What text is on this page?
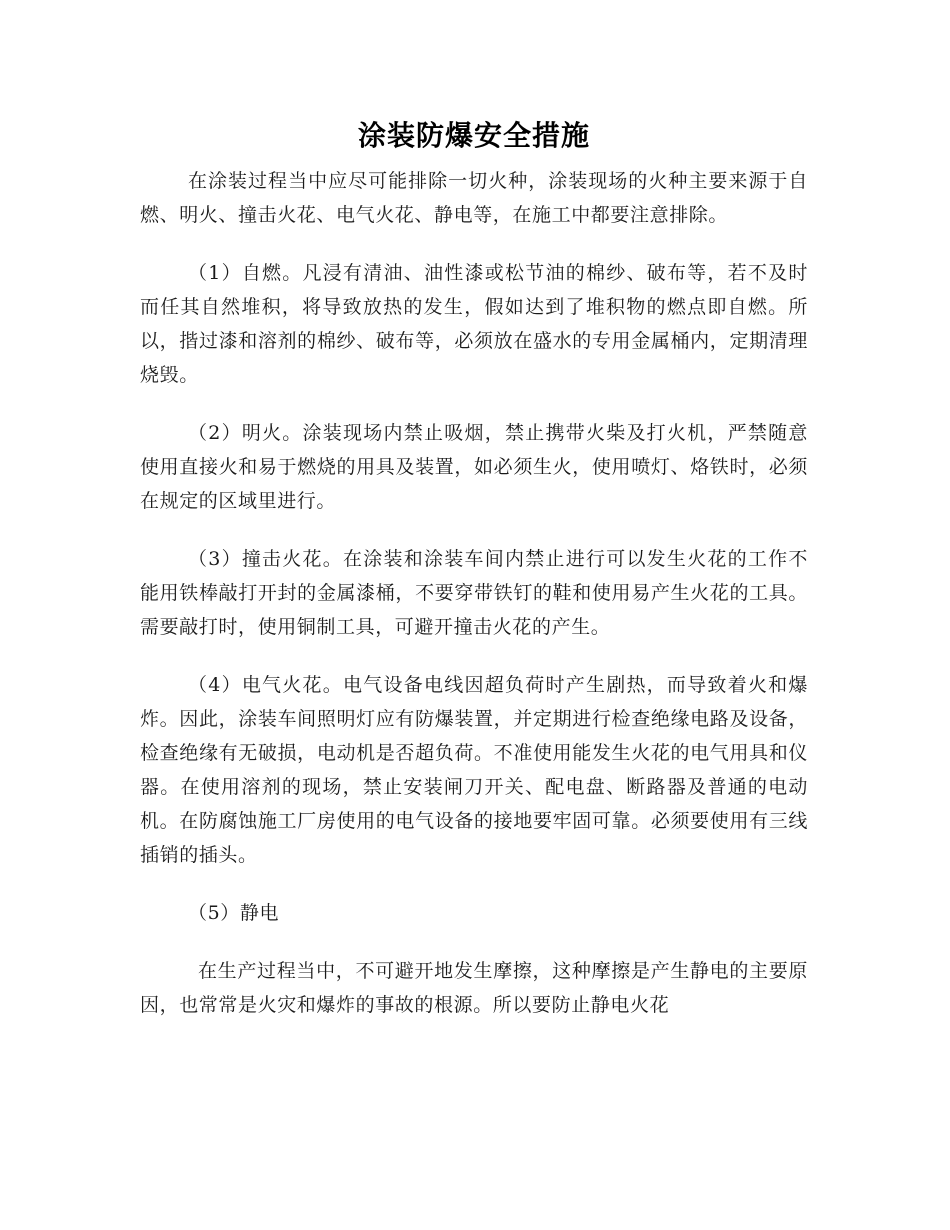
涂装防爆安全措施

在涂装过程当中应尽可能排除一切火种，涂装现场的火种主要来源于自燃、明火、撞击火花、电气火花、静电等，在施工中都要注意排除。

（1）自燃。凡浸有清油、油性漆或松节油的棉纱、破布等，若不及时而任其自然堆积，将导致放热的发生，假如达到了堆积物的燃点即自燃。所以，揩过漆和溶剂的棉纱、破布等，必须放在盛水的专用金属桶内，定期清理烧毁。

（2）明火。涂装现场内禁止吸烟，禁止携带火柴及打火机，严禁随意使用直接火和易于燃烧的用具及装置，如必须生火，使用喷灯、烙铁时，必须在规定的区域里进行。

（3）撞击火花。在涂装和涂装车间内禁止进行可以发生火花的工作不能用铁棒敲打开封的金属漆桶，不要穿带铁钉的鞋和使用易产生火花的工具。需要敲打时，使用铜制工具，可避开撞击火花的产生。

（4）电气火花。电气设备电线因超负荷时产生剧热，而导致着火和爆炸。因此，涂装车间照明灯应有防爆装置，并定期进行检查绝缘电路及设备，检查绝缘有无破损，电动机是否超负荷。不准使用能发生火花的电气用具和仪器。在使用溶剂的现场，禁止安装闸刀开关、配电盘、断路器及普通的电动机。在防腐蚀施工厂房使用的电气设备的接地要牢固可靠。必须要使用有三线插销的插头。

（5）静电

在生产过程当中，不可避开地发生摩擦，这种摩擦是产生静电的主要原因，也常常是火灾和爆炸的事故的根源。所以要防止静电火花
